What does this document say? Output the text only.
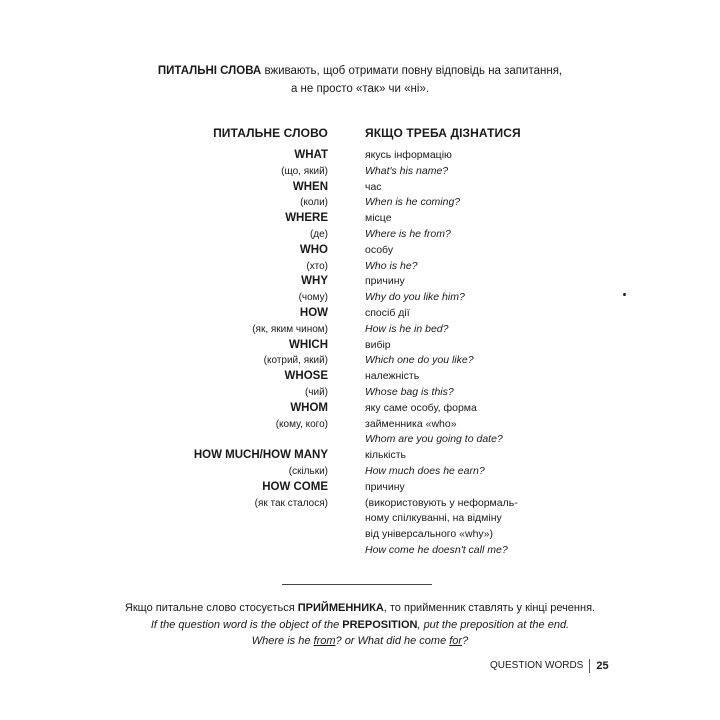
ПИТАЛЬНІ СЛОВА вживають, щоб отримати повну відповідь на запитання,
а не просто «так» чи «ні».
ПИТАЛЬНЕ СЛОВО
WHAT
(що, який)
WHEN
(коли)
WHERE
(де)
WHO
(хто)
WHY
(чому)
HOW
(як, яким чином)
WHICH
(котрий, який)
WHOSE
(чий)
WHOM
(кому, кого)
HOW MUCH/HOW MANY
(скільки)
HOW COME
(як так сталося)
ЯКЩО ТРЕБА ДІЗНАТИСЯ
якусь інформацію
What's his name?
час
When is he coming?
місце
Where is he from?
особу
Who is he?
причину
Why do you like him?
спосіб дії
How is he in bed?
вибір
Which one do you like?
належність
Whose bag is this?
яку саме особу, форма
займенника «who»
Whom are you going to date?
кількість
How much does he earn?
причину
(використовують у неформаль-
ному спілкуванні, на відміну
від універсального «why»)
How come he doesn't call me?
Якщо питальне слово стосується ПРИЙМЕННИКА, то прийменник ставлять у кінці речення.
If the question word is the object of the PREPOSITION, put the preposition at the end.
Where is he from? or What did he come for?
QUESTION WORDS 25
